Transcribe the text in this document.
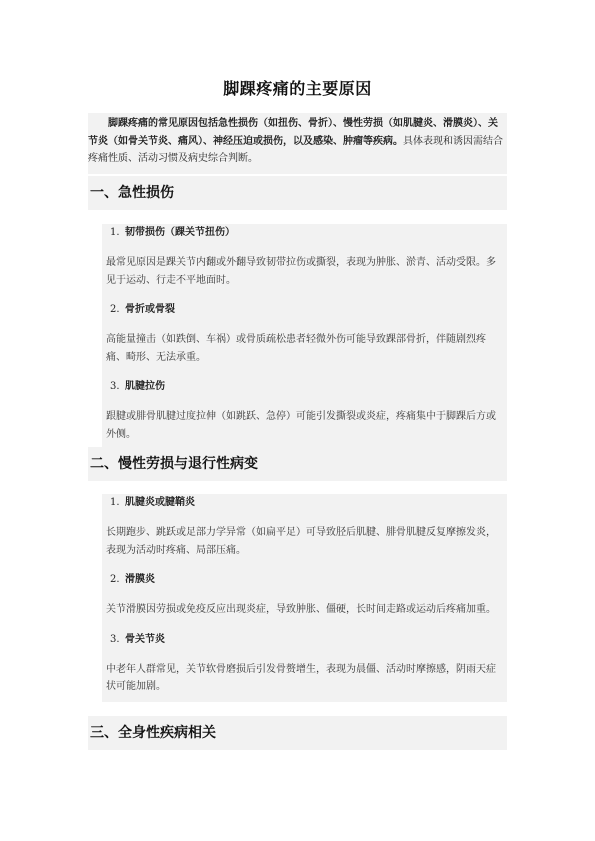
脚踝疼痛的主要原因

脚踝疼痛的常见原因包括急性损伤（如扭伤、骨折）、慢性劳损（如肌腱炎、滑膜炎）、关节炎（如骨关节炎、痛风）、神经压迫或损伤，以及感染、肿瘤等疾病。具体表现和诱因需结合疼痛性质、活动习惯及病史综合判断。

一、急性损伤
1. 韧带损伤（踝关节扭伤）

最常见原因是踝关节内翻或外翻导致韧带拉伤或撕裂，表现为肿胀、淤青、活动受限。多见于运动、行走不平地面时。

2. 骨折或骨裂

高能量撞击（如跌倒、车祸）或骨质疏松患者轻微外伤可能导致踝部骨折，伴随剧烈疼痛、畸形、无法承重。

3. 肌腱拉伤

跟腱或腓骨肌腱过度拉伸（如跳跃、急停）可能引发撕裂或炎症，疼痛集中于脚踝后方或外侧。

二、慢性劳损与退行性病变
1. 肌腱炎或腱鞘炎

长期跑步、跳跃或足部力学异常（如扁平足）可导致胫后肌腱、腓骨肌腱反复摩擦发炎，表现为活动时疼痛、局部压痛。

2. 滑膜炎

关节滑膜因劳损或免疫反应出现炎症，导致肿胀、僵硬，长时间走路或运动后疼痛加重。

3. 骨关节炎

中老年人群常见，关节软骨磨损后引发骨赘增生，表现为晨僵、活动时摩擦感，阴雨天症状可能加剧。

三、全身性疾病相关
